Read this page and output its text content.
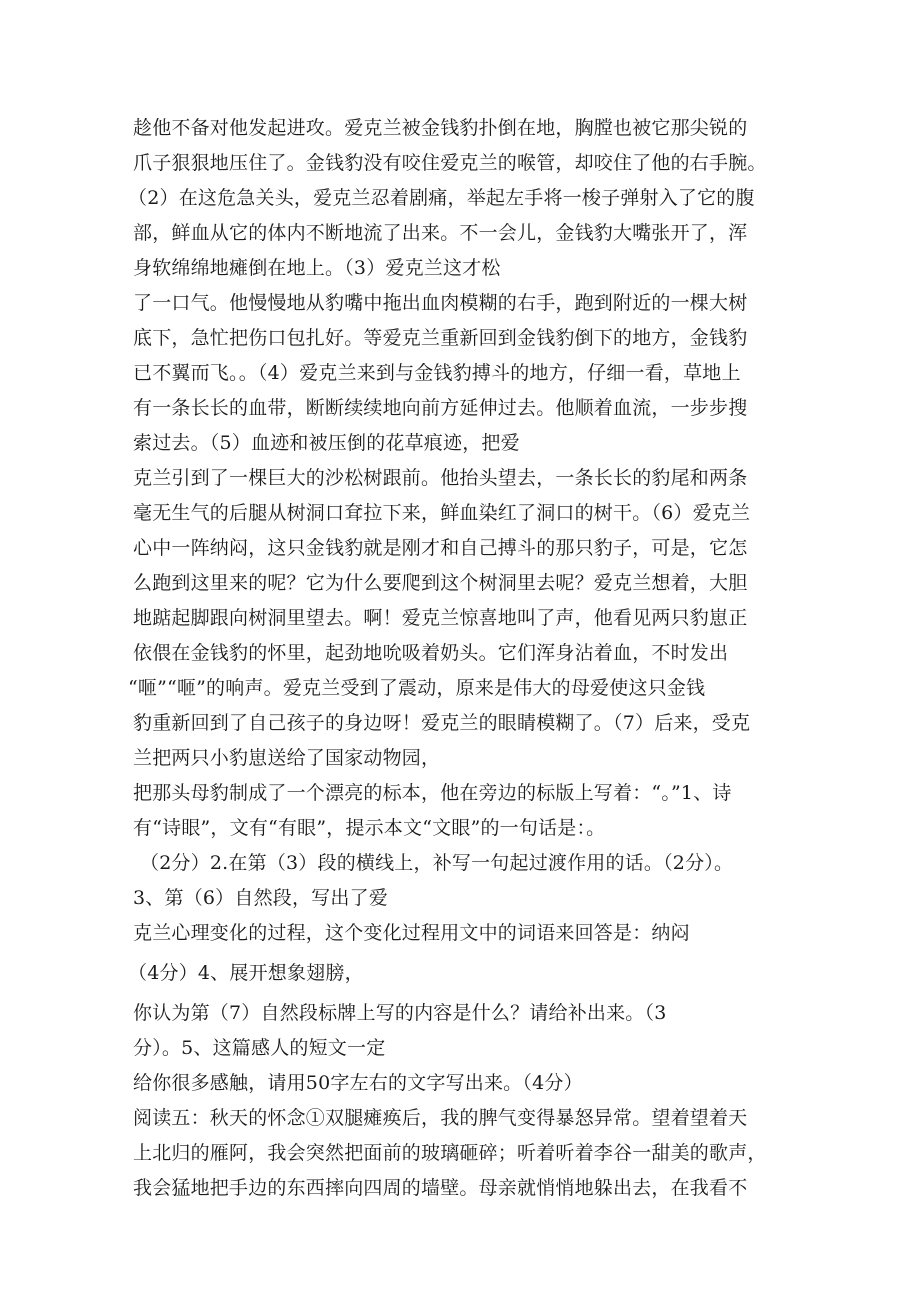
趁他不备对他发起进攻。爱克兰被金钱豹扑倒在地，胸膛也被它那尖锐的
爪子狠狠地压住了。金钱豹没有咬住爱克兰的喉管，却咬住了他的右手腕。
（2）在这危急关头，爱克兰忍着剧痛，举起左手将一梭子弹射入了它的腹
部，鲜血从它的体内不断地流了出来。不一会儿，金钱豹大嘴张开了，浑
身软绵绵地瘫倒在地上。（3）爱克兰这才松
了一口气。他慢慢地从豹嘴中拖出血肉模糊的右手，跑到附近的一棵大树
底下，急忙把伤口包扎好。等爱克兰重新回到金钱豹倒下的地方，金钱豹
已不翼而飞。。（4）爱克兰来到与金钱豹搏斗的地方，仔细一看，草地上
有一条长长的血带，断断续续地向前方延伸过去。他顺着血流，一步步搜
索过去。（5）血迹和被压倒的花草痕迹，把爱
克兰引到了一棵巨大的沙松树跟前。他抬头望去，一条长长的豹尾和两条
毫无生气的后腿从树洞口耷拉下来，鲜血染红了洞口的树干。（6）爱克兰
心中一阵纳闷，这只金钱豹就是刚才和自己搏斗的那只豹子，可是，它怎
么跑到这里来的呢？它为什么要爬到这个树洞里去呢？爱克兰想着，大胆
地踮起脚跟向树洞里望去。啊！爱克兰惊喜地叫了声，他看见两只豹崽正
依偎在金钱豹的怀里，起劲地吮吸着奶头。它们浑身沾着血，不时发出
“咂”“咂”的响声。爱克兰受到了震动，原来是伟大的母爱使这只金钱
豹重新回到了自己孩子的身边呀！爱克兰的眼睛模糊了。（7）后来，受克
兰把两只小豹崽送给了国家动物园，
把那头母豹制成了一个漂亮的标本，他在旁边的标版上写着：“。”1、诗
有“诗眼”，文有“有眼”，提示本文“文眼”的一句话是：。
（2分）2.在第（3）段的横线上，补写一句起过渡作用的话。（2分）。
3、第（6）自然段，写出了爱
克兰心理变化的过程，这个变化过程用文中的词语来回答是：纳闷
（4分）4、展开想象翅膀，
你认为第（7）自然段标牌上写的内容是什么？请给补出来。（3
分）。5、这篇感人的短文一定
给你很多感触，请用50字左右的文字写出来。（4分）
阅读五：秋天的怀念①双腿瘫痪后，我的脾气变得暴怒异常。望着望着天
上北归的雁阿，我会突然把面前的玻璃砸碎；听着听着李谷一甜美的歌声，
我会猛地把手边的东西摔向四周的墙壁。母亲就悄悄地躲出去，在我看不
